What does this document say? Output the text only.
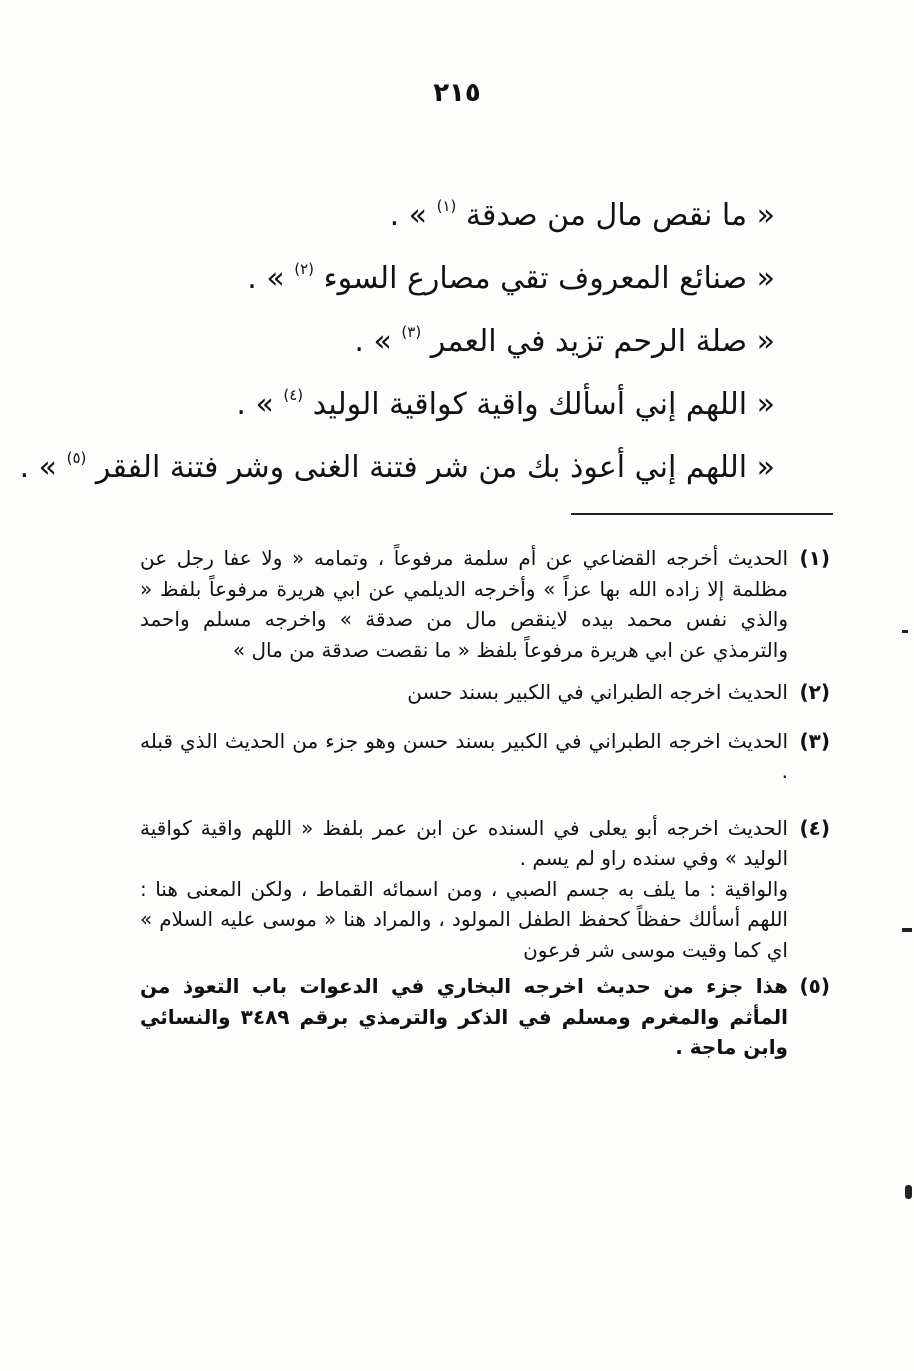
٢١٥
« ما نقص مال من صدقة $^{(١)}$ » .
« صنائع المعروف تقي مصارع السوء $^{(٢)}$ » .
« صلة الرحم تزيد في العمر $^{(٣)}$ » .
« اللهم إني أسألك واقية كواقية الوليد $^{(٤)}$ » .
« اللهم إني أعوذ بك من شر فتنة الغنى وشر فتنة الفقر $^{(٥)}$ » .
(١)

الحديث أخرجه القضاعي عن أم سلمة مرفوعاً ، وتمامه « ولا عفا رجل عن مظلمة إلا زاده الله بها عزاً » وأخرجه الديلمي عن ابي هريرة مرفوعاً بلفظ « والذي نفس محمد بيده لاينقص مال من صدقة » واخرجه مسلم واحمد والترمذي عن ابي هريرة مرفوعاً بلفظ « ما نقصت صدقة من مال »

(٢)

الحديث اخرجه الطبراني في الكبير بسند حسن

(٣)

الحديث اخرجه الطبراني في الكبير بسند حسن وهو جزء من الحديث الذي قبله .

(٤)

الحديث اخرجه أبو يعلى في السنده عن ابن عمر بلفظ « اللهم واقية كواقية الوليد » وفي سنده راو لم يسم .

والواقية : ما يلف به جسم الصبي ، ومن اسمائه القماط ، ولكن المعنى هنا : اللهم أسألك حفظاً كحفظ الطفل المولود ، والمراد هنا « موسى عليه السلام » اي كما وقيت موسى شر فرعون

(٥)

هذا جزء من حديث اخرجه البخاري في الدعوات باب التعوذ من المأثم والمغرم ومسلم في الذكر والترمذي برقم ٣٤٨٩ والنسائي وابن ماجة .
